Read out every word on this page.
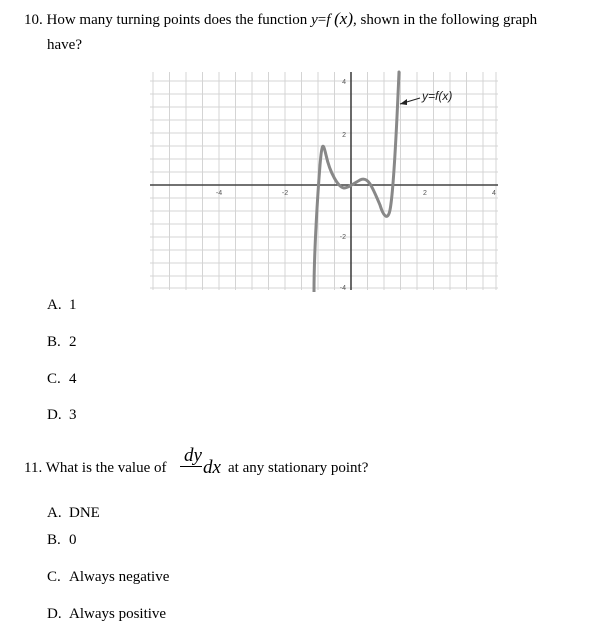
10. How many turning points does the function y=f (x), shown in the following graph
have?
-4	-2	2	4
4
2
-2
-4
y=f(x)
A. 1
B. 2
C. 4
D. 3
11. What is the value of
dy
dx at any stationary point?
A. DNE
B. 0
C. Always negative
D. Always positive
